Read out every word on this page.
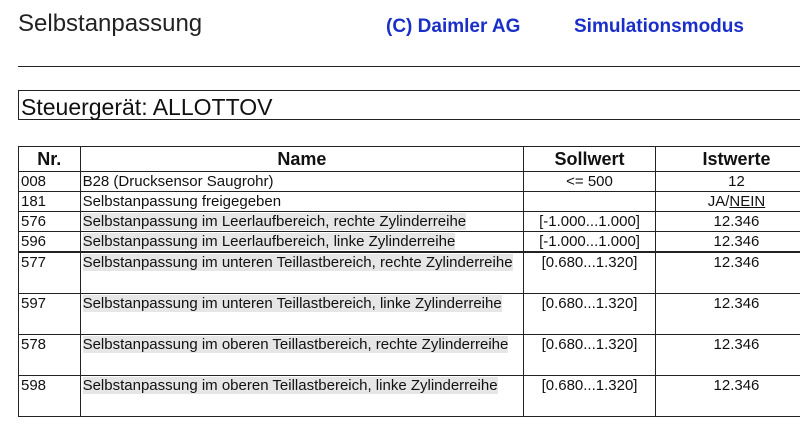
Selbstanpassung	(C) Daimler AG	Simulationsmodus
Steuergerät: ALLOTTOV
Nr.	Name	Sollwert	Istwerte
008	B28 (Drucksensor Saugrohr)	<= 500	12
181	Selbstanpassung freigegeben		JA/NEIN
576	Selbstanpassung im Leerlaufbereich, rechte Zylinderreihe	[-1.000...1.000]	12.346
596	Selbstanpassung im Leerlaufbereich, linke Zylinderreihe	[-1.000...1.000]	12.346
577	Selbstanpassung im unteren Teillastbereich, rechte Zylinderreihe	[0.680...1.320]	12.346
597	Selbstanpassung im unteren Teillastbereich, linke Zylinderreihe	[0.680...1.320]	12.346
578	Selbstanpassung im oberen Teillastbereich, rechte Zylinderreihe	[0.680...1.320]	12.346
598	Selbstanpassung im oberen Teillastbereich, linke Zylinderreihe	[0.680...1.320]	12.346
